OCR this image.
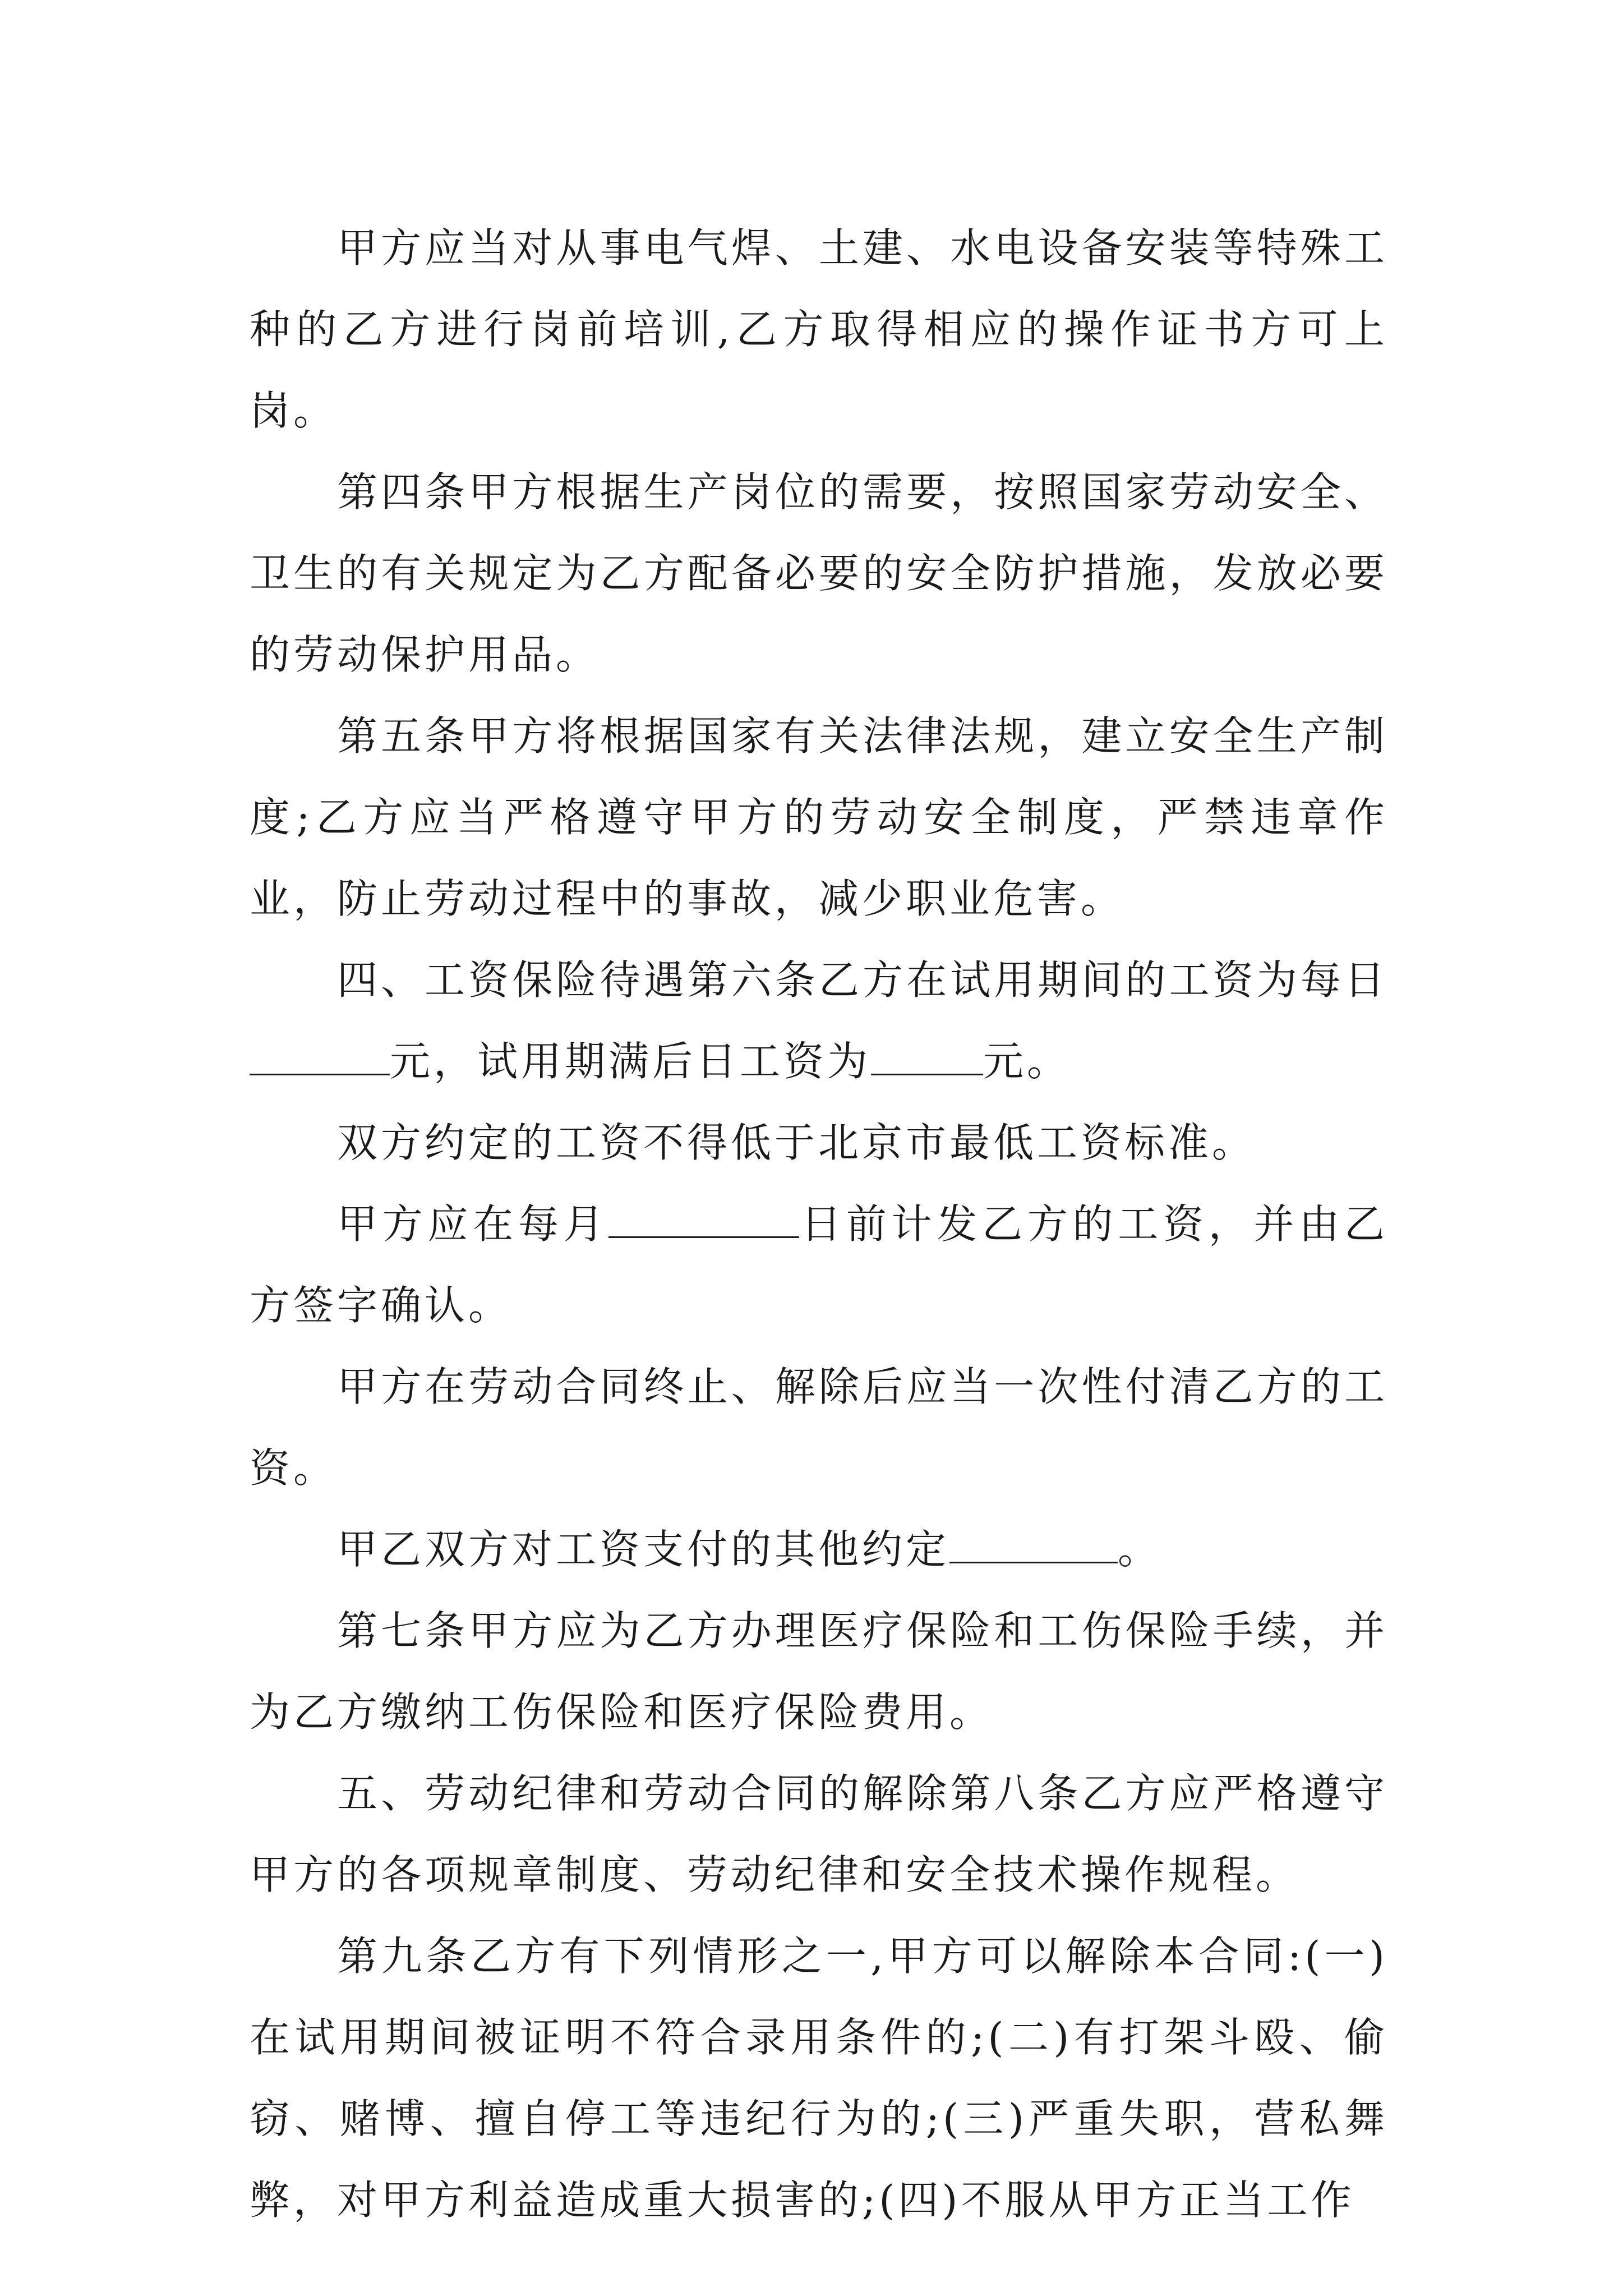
甲方应当对从事电气焊、土建、水电设备安装等特殊工种的乙方进行岗前培训,乙方取得相应的操作证书方可上岗。

第四条甲方根据生产岗位的需要，按照国家劳动安全、卫生的有关规定为乙方配备必要的安全防护措施，发放必要的劳动保护用品。

第五条甲方将根据国家有关法律法规，建立安全生产制度;乙方应当严格遵守甲方的劳动安全制度，严禁违章作业，防止劳动过程中的事故，减少职业危害。

四、工资保险待遇第六条乙方在试用期间的工资为每日元，试用期满后日工资为	元。

双方约定的工资不得低于北京市最低工资标准。

甲方应在每月	日前计发乙方的工资，并由乙方签字确认。

甲方在劳动合同终止、解除后应当一次性付清乙方的工资。

甲乙双方对工资支付的其他约定	。

第七条甲方应为乙方办理医疗保险和工伤保险手续，并为乙方缴纳工伤保险和医疗保险费用。

五、劳动纪律和劳动合同的解除第八条乙方应严格遵守甲方的各项规章制度、劳动纪律和安全技术操作规程。

第九条乙方有下列情形之一,甲方可以解除本合同:(一)在试用期间被证明不符合录用条件的;(二)有打架斗殴、偷窃、赌博、擅自停工等违纪行为的;(三)严重失职，营私舞弊，对甲方利益造成重大损害的;(四)不服从甲方正当工作
